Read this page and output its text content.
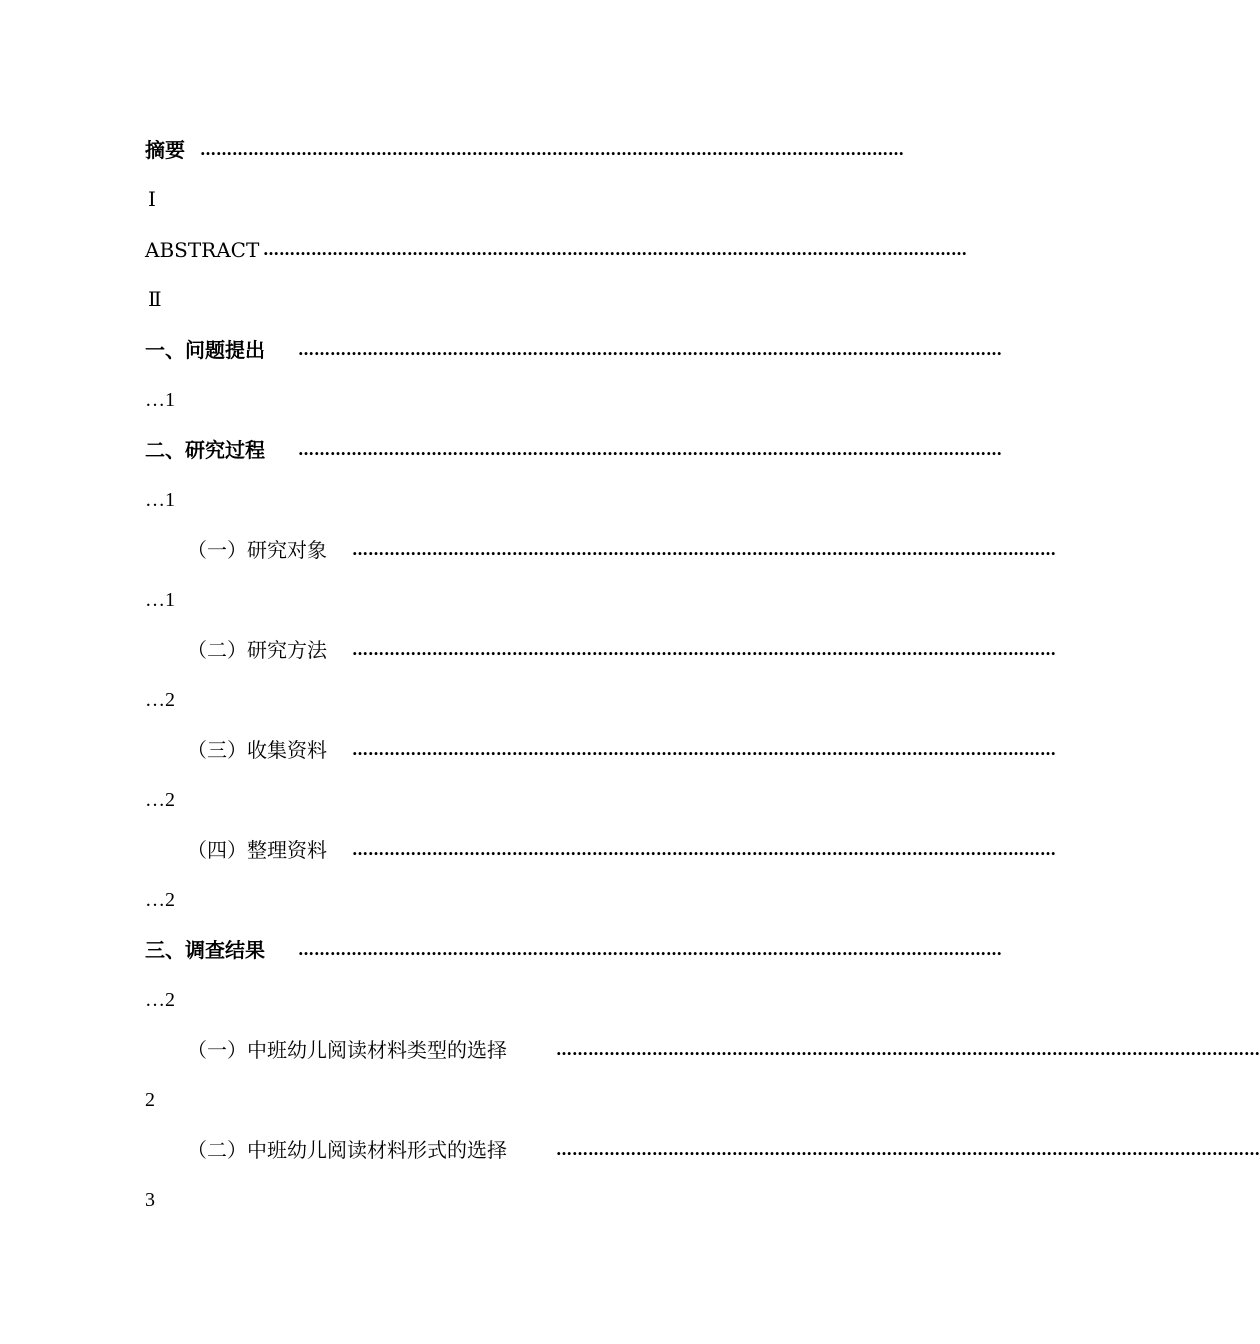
摘要 ……………………………………………………………………………………………………………………
Ⅰ
ABSTRACT ……………………………………………………………………………………………………………………
Ⅱ
一、问题提出 ……………………………………………………………………………………………………………………
…1
二、研究过程 ……………………………………………………………………………………………………………………
…1
（一）研究对象 ……………………………………………………………………………………………………………………
…1
（二）研究方法 ……………………………………………………………………………………………………………………
…2
（三）收集资料 ……………………………………………………………………………………………………………………
…2
（四）整理资料 ……………………………………………………………………………………………………………………
…2
三、调查结果 ……………………………………………………………………………………………………………………
…2
（一）中班幼儿阅读材料类型的选择	……………………………………………………………………………………………………………………
2
（二）中班幼儿阅读材料形式的选择	……………………………………………………………………………………………………………………
3
